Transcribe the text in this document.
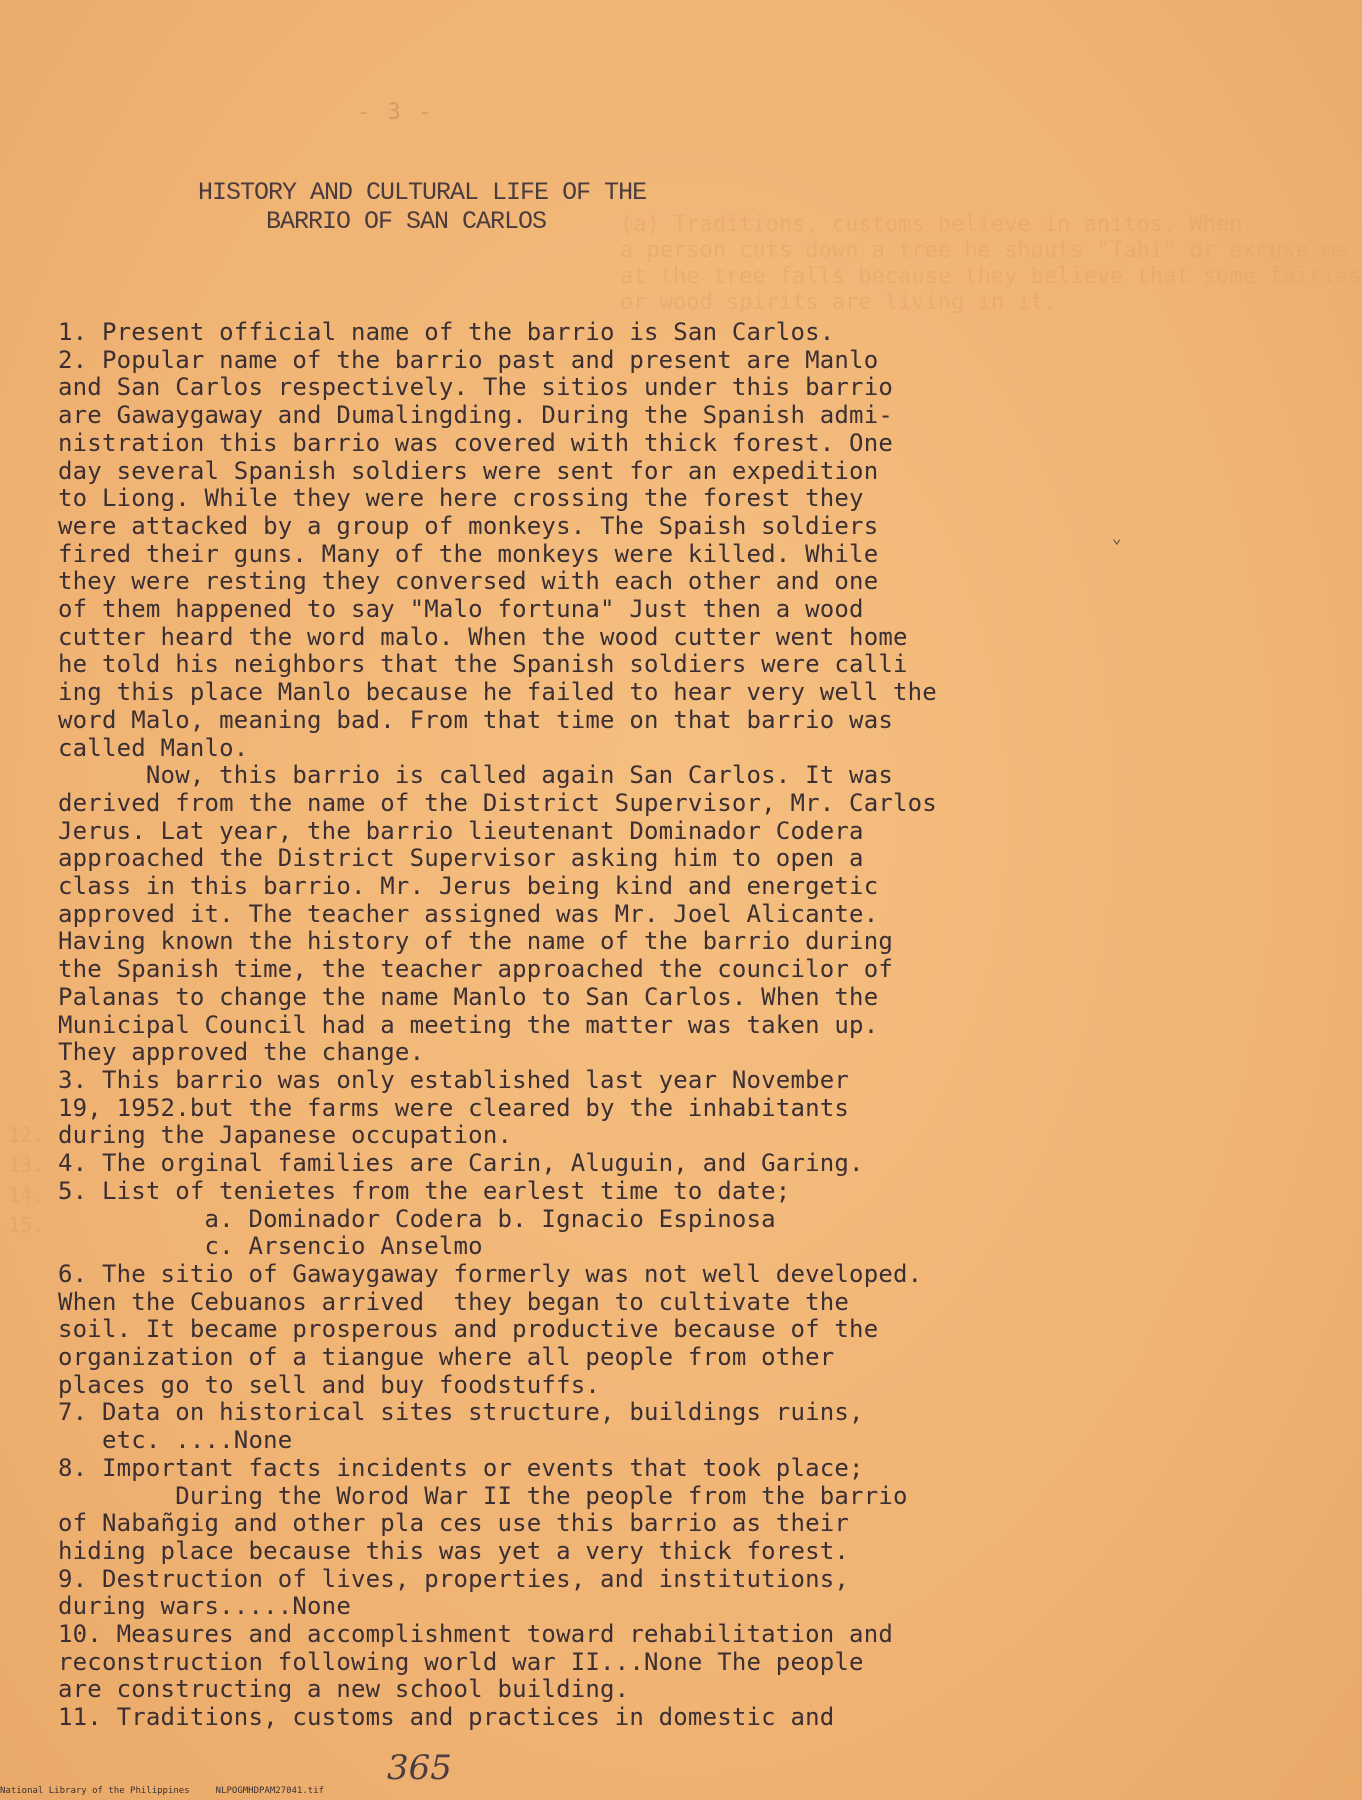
(a) Traditions, customs believe in anitos. When
a person cuts down a tree he shouts "Tabi" or excuse me
at the tree falls because they believe that some fairies
or wood spirits are living in it.
12.
13.
14.
15.
- 3 -
HISTORY AND CULTURAL LIFE OF THE
BARRIO OF SAN CARLOS
1. Present official name of the barrio is San Carlos.
2. Popular name of the barrio past and present are Manlo
and San Carlos respectively. The sitios under this barrio
are Gawaygaway and Dumalingding. During the Spanish admi-
nistration this barrio was covered with thick forest. One
day several Spanish soldiers were sent for an expedition
to Liong. While they were here crossing the forest they
were attacked by a group of monkeys. The Spaish soldiers
fired their guns. Many of the monkeys were killed. While
they were resting they conversed with each other and one
of them happened to say "Malo fortuna" Just then a wood
cutter heard the word malo. When the wood cutter went home
he told his neighbors that the Spanish soldiers were calli
ing this place Manlo because he failed to hear very well the
word Malo, meaning bad. From that time on that barrio was
called Manlo.
Now, this barrio is called again San Carlos. It was
derived from the name of the District Supervisor, Mr. Carlos
Jerus. Lat year, the barrio lieutenant Dominador Codera
approached the District Supervisor asking him to open a
class in this barrio. Mr. Jerus being kind and energetic
approved it. The teacher assigned was Mr. Joel Alicante.
Having known the history of the name of the barrio during
the Spanish time, the teacher approached the councilor of
Palanas to change the name Manlo to San Carlos. When the
Municipal Council had a meeting the matter was taken up.
They approved the change.
3. This barrio was only established last year November
19, 1952.but the farms were cleared by the inhabitants
during the Japanese occupation.
4. The orginal families are Carin, Aluguin, and Garing.
5. List of tenietes from the earlest time to date;
a. Dominador Codera b. Ignacio Espinosa
c. Arsencio Anselmo
6. The sitio of Gawaygaway formerly was not well developed.
When the Cebuanos arrived  they began to cultivate the
soil. It became prosperous and productive because of the
organization of a tiangue where all people from other
places go to sell and buy foodstuffs.
7. Data on historical sites structure, buildings ruins,
etc. ....None
8. Important facts incidents or events that took place;
During the Worod War II the people from the barrio
of Nabañgig and other pla ces use this barrio as their
hiding place because this was yet a very thick forest.
9. Destruction of lives, properties, and institutions,
during wars.....None
10. Measures and accomplishment toward rehabilitation and
reconstruction following world war II...None The people
are constructing a new school building.
11. Traditions, customs and practices in domestic and
⌄
365
National Library of the Philippines	NLPOGMHDPAM27041.tif
